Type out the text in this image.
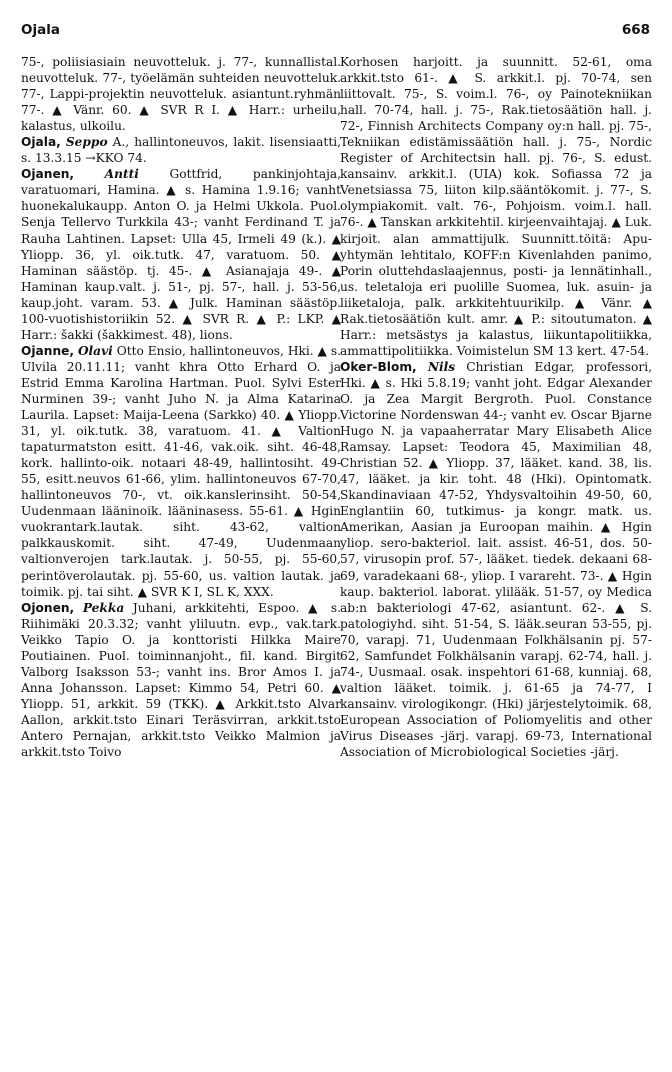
Ojala	668

75-, poliisiasiain neuvotteluk. j. 77-, kunnallistal. neuvotteluk. 77-, työelämän suhteiden neuvotteluk. 77-, Lappi-projektin neuvotteluk. asiantunt.ryhmän 77-. ▲ Vänr. 60. ▲ SVR R I. ▲ Harr.: urheilu, kalastus, ulkoilu.

Ojala, Seppo A., hallintoneuvos, lakit. lisensiaatti, s. 13.3.15 →KKO 74.

Ojanen,	Antti Gottfrid, pankinjohtaja, varatuomari, Hamina. ▲ s. Hamina 1.9.16; vanht huonekalukaupp. Anton O. ja Helmi Ukkola. Puol. Senja Tellervo Turkkila 43-; vanht Ferdinand T. ja Rauha Lahtinen. Lapset: Ulla 45, Irmeli 49 (k.). ▲ Yliopp. 36, yl. oik.tutk. 47, varatuom. 50. ▲ Haminan säästöp. tj. 45-. ▲ Asianajaja 49-. ▲ Haminan kaup.valt. j. 51-, pj. 57-, hall. j. 53-56, kaup.joht. varam. 53. ▲ Julk. Haminan säästöp. 100-vuotishistoriikin 52. ▲ SVR R. ▲ P.: LKP. ▲ Harr.: šakki (šakkimest. 48), lions.

Ojanne, Olavi Otto Ensio, hallintoneuvos, Hki. ▲ s. Ulvila 20.11.11; vanht khra Otto Erhard O. ja Estrid Emma Karolina Hartman. Puol. Sylvi Ester Nurminen 39-; vanht Juho N. ja Alma Katarina Laurila. Lapset: Maija-Leena (Sarkko) 40. ▲ Yliopp. 31, yl. oik.tutk. 38, varatuom. 41. ▲ Valtion tapaturmatston esitt. 41-46, vak.oik. siht. 46-48, kork. hallinto-oik. notaari 48-49, hallintosiht. 49-55, esitt.neuvos 61-66, ylim. hallintoneuvos 67-70, hallintoneuvos 70-, vt. oik.kanslerinsiht. 50-54, Uudenmaan lääninoik. lääninasess. 55-61. ▲ Hgin vuokrantark.lautak. siht. 43-62, valtion palkkauskomit. siht. 47-49, Uudenmaan valtionverojen tark.lautak. j. 50-55, pj. 55-60, perintöverolautak. pj. 55-60, us. valtion lautak. ja toimik. pj. tai siht. ▲ SVR K I, SL K, XXX.

Ojonen, Pekka Juhani, arkkitehti, Espoo. ▲ s. Riihimäki 20.3.32; vanht yliluutn. evp., vak.tark. Veikko Tapio O. ja konttoristi Hilkka Maire Poutiainen. Puol. toiminnanjoht., fil. kand. Birgit Valborg Isaksson 53-; vanht ins. Bror Amos I. ja Anna Johansson. Lapset: Kimmo 54, Petri 60. ▲ Yliopp. 51, arkkit. 59 (TKK). ▲ Arkkit.tsto Alvar Aallon, arkkit.tsto Einari Teräsvirran, arkkit.tsto Antero Pernajan, arkkit.tsto Veikko Malmion ja arkkit.tsto Toivo

Korhosen harjoitt. ja suunnitt. 52-61, oma arkkit.tsto 61-. ▲ S. arkkit.l. pj. 70-74, sen liittovalt. 75-, S. voim.l. 76-, oy Painotekniikan hall. 70-74, hall. j. 75-, Rak.tietosäätiön hall. j. 72-, Finnish Architects Company oy:n hall. pj. 75-, Tekniikan edistämissäätiön hall. j. 75-, Nordic Register of Architectsin hall. pj. 76-, S. edust. kansainv. arkkit.l. (UIA) kok. Sofiassa 72 ja Venetsiassa 75, liiton kilp.sääntökomit. j. 77-, S. olympiakomit. valt. 76-, Pohjoism. voim.l. hall. 76-. ▲ Tanskan arkkitehtil. kirjeenvaihtajaj. ▲ Luk. kirjoit. alan ammattijulk. Suunnitt.töitä: Apu-yhtymän lehtitalo, KOFF:n Kivenlahden panimo, Porin oluttehdaslaajennus, posti- ja lennätinhall., us. teletaloja eri puolille Suomea, luk. asuin- ja liiketaloja, palk. arkkitehtuurikilp. ▲ Vänr. ▲ Rak.tietosäätiön kult. amr. ▲ P.: sitoutumaton. ▲ Harr.: metsästys ja kalastus, liikuntapolitiikka, ammattipolitiikka. Voimistelun SM 13 kert. 47-54.

Oker-Blom, Nils Christian Edgar, professori, Hki. ▲ s. Hki 5.8.19; vanht joht. Edgar Alexander O. ja Zea Margit Bergroth. Puol. Constance Victorine Nordenswan 44-; vanht ev. Oscar Bjarne Hugo N. ja vapaaherratar Mary Elisabeth Alice Ramsay. Lapset: Teodora 45, Maximilian 48, Christian 52. ▲ Yliopp. 37, lääket. kand. 38, lis. 47, lääket. ja kir. toht. 48 (Hki). Opintomatk. Skandinaviaan 47-52, Yhdysvaltoihin 49-50, 60, Englantiin 60, tutkimus- ja kongr. matk. us. Amerikan, Aasian ja Euroopan maihin. ▲ Hgin yliop. sero-bakteriol. lait. assist. 46-51, dos. 50-57, virusopin prof. 57-, lääket. tiedek. dekaani 68-69, varadekaani 68-, yliop. I varareht. 73-. ▲ Hgin kaup. bakteriol. laborat. ylilääk. 51-57, oy Medica ab:n bakteriologi 47-62, asiantunt. 62-. ▲ S. patologiyhd. siht. 51-54, S. lääk.seuran 53-55, pj. 70, varapj. 71, Uudenmaan Folkhälsanin pj. 57-62, Samfundet Folkhälsanin varapj. 62-74, hall. j. 74-, Uusmaal. osak. inspehtori 61-68, kunniaj. 68, valtion lääket. toimik. j. 61-65 ja 74-77, I kansainv. virologikongr. (Hki) järjestelytoimik. 68, European Association of Poliomyelitis and other Virus Diseases -järj. varapj. 69-73, International Association of Microbiological Societies -järj.
